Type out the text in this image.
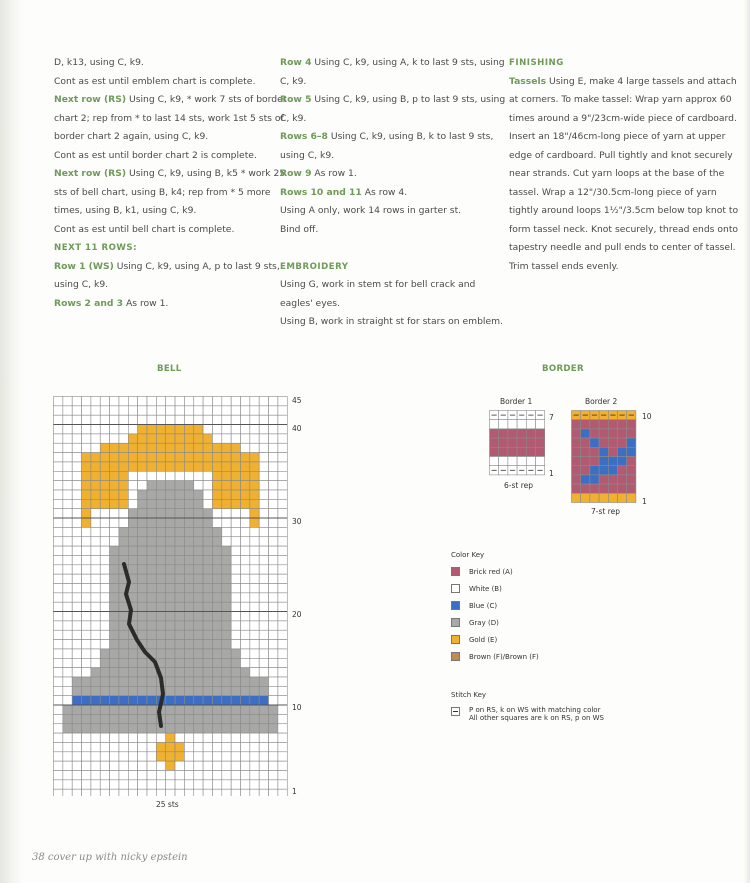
D, k13, using C, k9.

Cont as est until emblem chart is complete.

Next row (RS) Using C, k9, * work 7 sts of border

chart 2; rep from * to last 14 sts, work 1st 5 sts of

border chart 2 again, using C, k9.

Cont as est until border chart 2 is complete.

Next row (RS) Using C, k9, using B, k5 * work 25

sts of bell chart, using B, k4; rep from * 5 more

times, using B, k1, using C, k9.

Cont as est until bell chart is complete.

NEXT 11 ROWS:

Row 1 (WS) Using C, k9, using A, p to last 9 sts,

using C, k9.

Rows 2 and 3 As row 1.

Row 4 Using C, k9, using A, k to last 9 sts, using

C, k9.

Row 5 Using C, k9, using B, p to last 9 sts, using

C, k9.

Rows 6–8 Using C, k9, using B, k to last 9 sts,

using C, k9.

Row 9 As row 1.

Rows 10 and 11 As row 4.

Using A only, work 14 rows in garter st.

Bind off.

EMBROIDERY

Using G, work in stem st for bell crack and

eagles' eyes.

Using B, work in straight st for stars on emblem.

FINISHING

Tassels Using E, make 4 large tassels and attach

at corners. To make tassel: Wrap yarn approx 60

times around a 9"/23cm-wide piece of cardboard.

Insert an 18"/46cm-long piece of yarn at upper

edge of cardboard. Pull tightly and knot securely

near strands. Cut yarn loops at the base of the

tassel. Wrap a 12"/30.5cm-long piece of yarn

tightly around loops 1½"/3.5cm below top knot to

form tassel neck. Knot securely, thread ends onto

tapestry needle and pull ends to center of tassel.

Trim tassel ends evenly.

BELL
45
40
30
20
10
1
25 sts
BORDER
Border 1
7
1
6-st rep
Border 2
10
1
7-st rep
Color Key
Brick red (A)
White (B)
Blue (C)
Gray (D)
Gold (E)
Brown (F)/Brown (F)
Stitch Key
P on RS, k on WS with matching color
All other squares are k on RS, p on WS
38 cover up with nicky epstein
